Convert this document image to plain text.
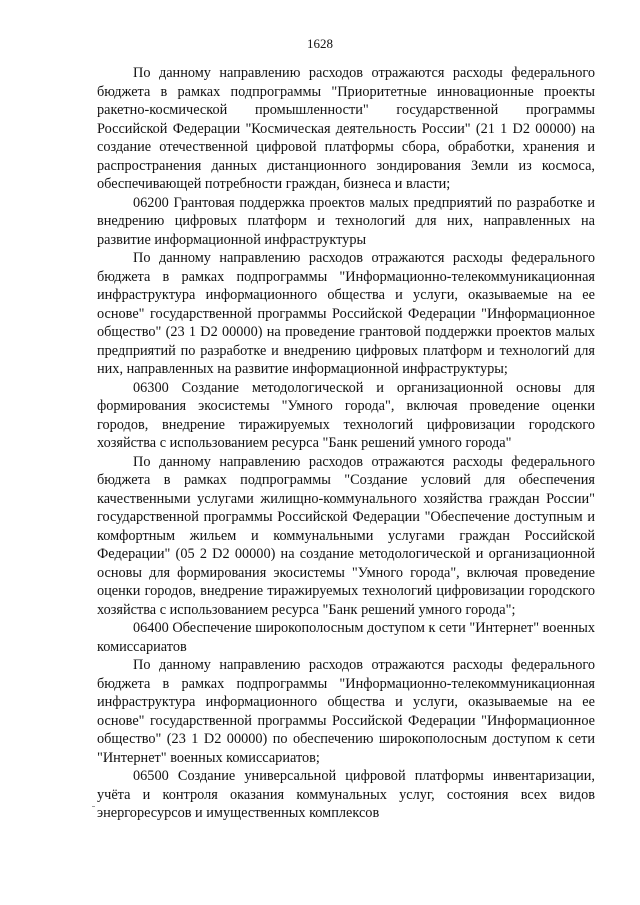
1628

По данному направлению расходов отражаются расходы федерального бюджета в рамках подпрограммы "Приоритетные инновационные проекты ракетно-космической промышленности" государственной программы Российской Федерации "Космическая деятельность России" (21 1 D2 00000) на создание отечественной цифровой платформы сбора, обработки, хранения и распространения данных дистанционного зондирования Земли из космоса, обеспечивающей потребности граждан, бизнеса и власти;

06200 Грантовая поддержка проектов малых предприятий по разработке и внедрению цифровых платформ и технологий для них, направленных на развитие информационной инфраструктуры

По данному направлению расходов отражаются расходы федерального бюджета в рамках подпрограммы "Информационно-телекоммуникационная инфраструктура информационного общества и услуги, оказываемые на ее основе" государственной программы Российской Федерации "Информационное общество" (23 1 D2 00000) на проведение грантовой поддержки проектов малых предприятий по разработке и внедрению цифровых платформ и технологий для них, направленных на развитие информационной инфраструктуры;

06300 Создание методологической и организационной основы для формирования экосистемы "Умного города", включая проведение оценки городов, внедрение тиражируемых технологий цифровизации городского хозяйства с использованием ресурса "Банк решений умного города"

По данному направлению расходов отражаются расходы федерального бюджета в рамках подпрограммы "Создание условий для обеспечения качественными услугами жилищно-коммунального хозяйства граждан России" государственной программы Российской Федерации "Обеспечение доступным и комфортным жильем и коммунальными услугами граждан Российской Федерации" (05 2 D2 00000) на создание методологической и организационной основы для формирования экосистемы "Умного города", включая проведение оценки городов, внедрение тиражируемых технологий цифровизации городского хозяйства с использованием ресурса "Банк решений умного города";

06400 Обеспечение широкополосным доступом к сети "Интернет" военных комиссариатов

По данному направлению расходов отражаются расходы федерального бюджета в рамках подпрограммы "Информационно-телекоммуникационная инфраструктура информационного общества и услуги, оказываемые на ее основе" государственной программы Российской Федерации "Информационное общество" (23 1 D2 00000) по обеспечению широкополосным доступом к сети "Интернет" военных комиссариатов;

06500 Создание универсальной цифровой платформы инвентаризации, учёта и контроля оказания коммунальных услуг, состояния всех видов энергоресурсов и имущественных комплексов
